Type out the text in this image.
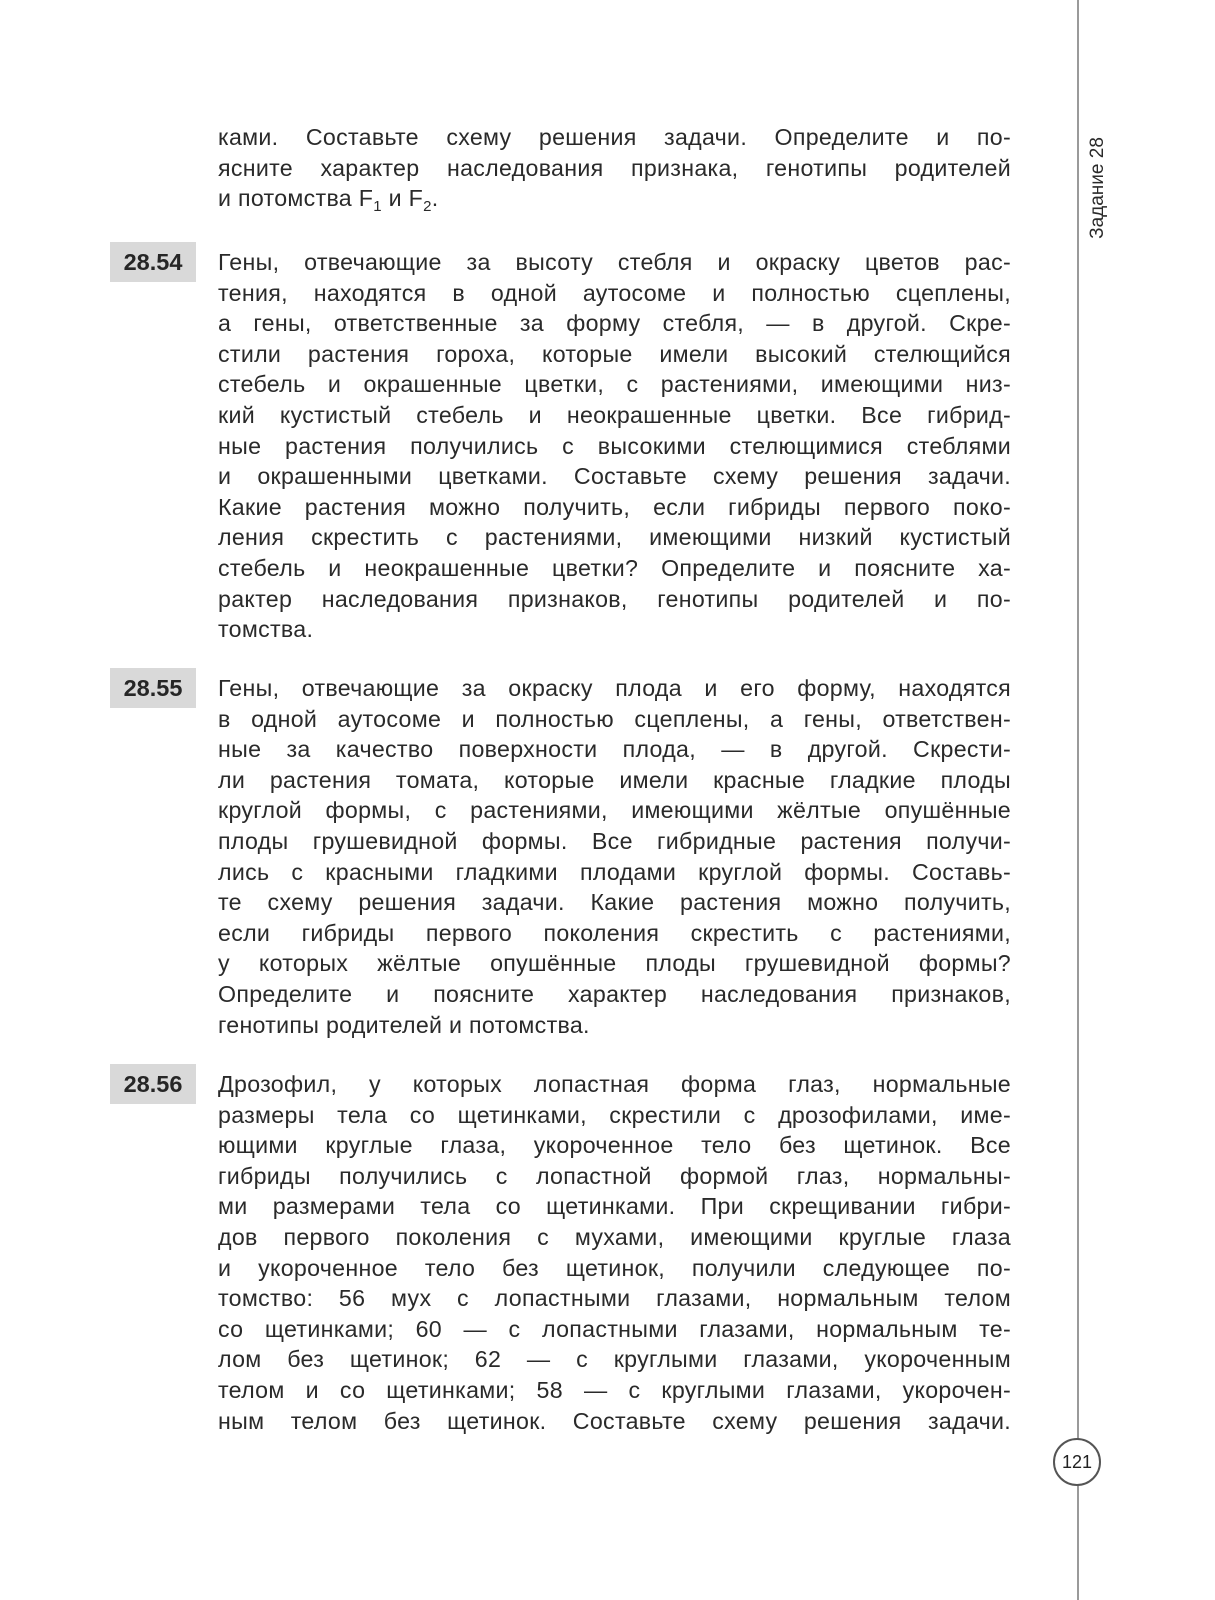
Задание 28
121
ками. Составьте схему решения задачи. Определите и по-
ясните характер наследования признака, генотипы родителей
и потомства $F_1$ и $F_2$.
28.54	Гены, отвечающие за высоту стебля и окраску цветов рас-
тения, находятся в одной аутосоме и полностью сцеплены,
а гены, ответственные за форму стебля, — в другой. Скре-
стили растения гороха, которые имели высокий стелющийся
стебель и окрашенные цветки, с растениями, имеющими низ-
кий кустистый стебель и неокрашенные цветки. Все гибрид-
ные растения получились с высокими стелющимися стеблями
и окрашенными цветками. Составьте схему решения задачи.
Какие растения можно получить, если гибриды первого поко-
ления скрестить с растениями, имеющими низкий кустистый
стебель и неокрашенные цветки? Определите и поясните ха-
рактер наследования признаков, генотипы родителей и по-
томства.
28.55	Гены, отвечающие за окраску плода и его форму, находятся
в одной аутосоме и полностью сцеплены, а гены, ответствен-
ные за качество поверхности плода, — в другой. Скрести-
ли растения томата, которые имели красные гладкие плоды
круглой формы, с растениями, имеющими жёлтые опушённые
плоды грушевидной формы. Все гибридные растения получи-
лись с красными гладкими плодами круглой формы. Составь-
те схему решения задачи. Какие растения можно получить,
если гибриды первого поколения скрестить с растениями,
у которых жёлтые опушённые плоды грушевидной формы?
Определите и поясните характер наследования признаков,
генотипы родителей и потомства.
28.56	Дрозофил, у которых лопастная форма глаз, нормальные
размеры тела со щетинками, скрестили с дрозофилами, име-
ющими круглые глаза, укороченное тело без щетинок. Все
гибриды получились с лопастной формой глаз, нормальны-
ми размерами тела со щетинками. При скрещивании гибри-
дов первого поколения с мухами, имеющими круглые глаза
и укороченное тело без щетинок, получили следующее по-
томство: 56 мух с лопастными глазами, нормальным телом
со щетинками; 60 — с лопастными глазами, нормальным те-
лом без щетинок; 62 — с круглыми глазами, укороченным
телом и со щетинками; 58 — с круглыми глазами, укорочен-
ным телом без щетинок. Составьте схему решения задачи.
